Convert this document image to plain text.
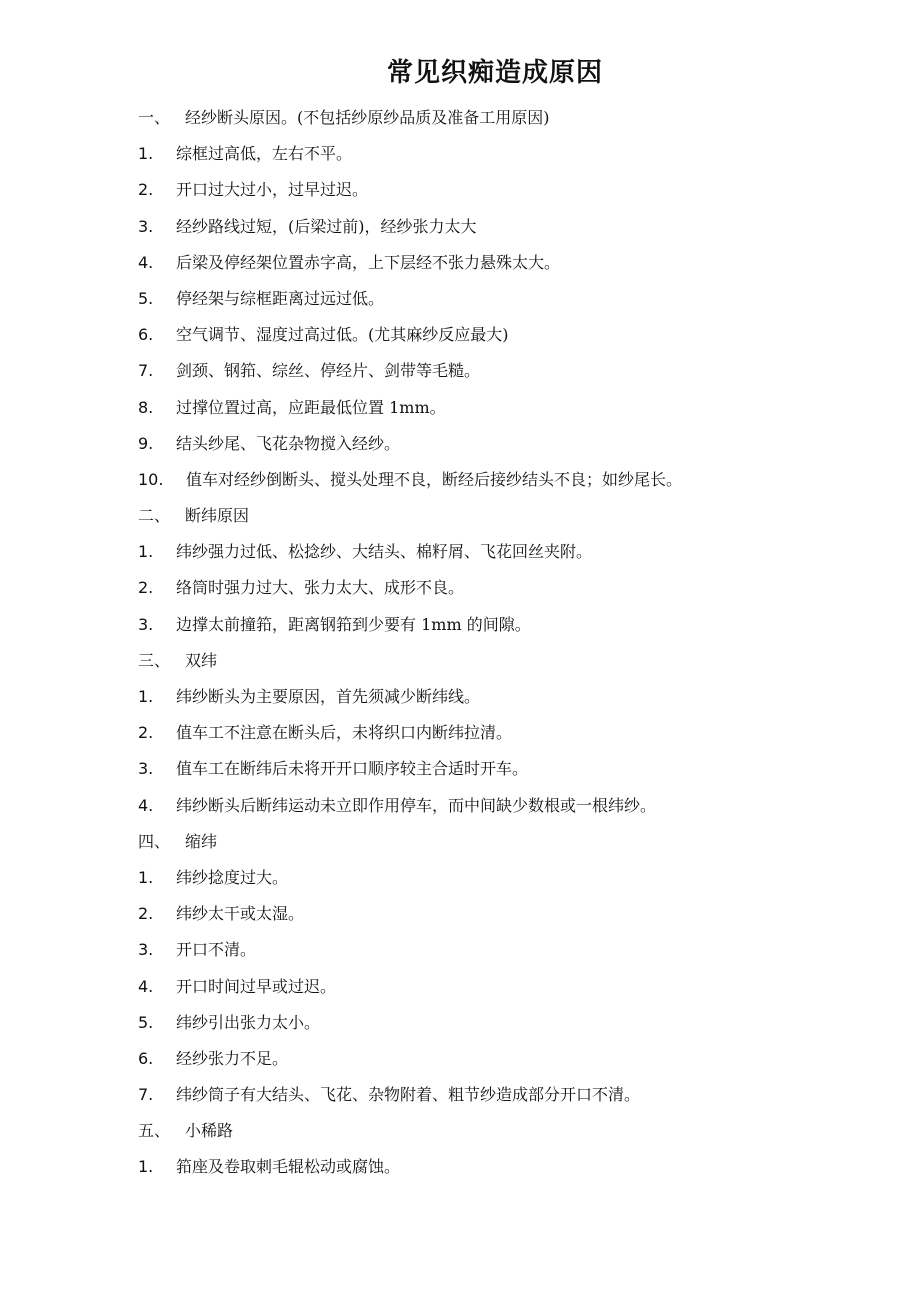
常见织痴造成原因
一、 经纱断头原因。(不包括纱原纱品质及准备工用原因)
1. 综框过高低，左右不平。
2. 开口过大过小，过早过迟。
3. 经纱路线过短，(后梁过前)，经纱张力太大
4. 后梁及停经架位置赤字高，上下层经不张力悬殊太大。
5. 停经架与综框距离过远过低。
6. 空气调节、湿度过高过低。(尤其麻纱反应最大)
7. 剑颈、钢筘、综丝、停经片、剑带等毛糙。
8. 过撑位置过高，应距最低位置 1mm。
9. 结头纱尾、飞花杂物搅入经纱。
10. 值车对经纱倒断头、搅头处理不良，断经后接纱结头不良；如纱尾长。
二、 断纬原因
1. 纬纱强力过低、松捻纱、大结头、棉籽屑、飞花回丝夹附。
2. 络筒时强力过大、张力太大、成形不良。
3. 边撑太前撞筘，距离钢筘到少要有 1mm 的间隙。
三、 双纬
1. 纬纱断头为主要原因，首先须减少断纬线。
2. 值车工不注意在断头后，未将织口内断纬拉清。
3. 值车工在断纬后未将开开口顺序较主合适时开车。
4. 纬纱断头后断纬运动未立即作用停车，而中间缺少数根或一根纬纱。
四、 缩纬
1. 纬纱捻度过大。
2. 纬纱太干或太湿。
3. 开口不清。
4. 开口时间过早或过迟。
5. 纬纱引出张力太小。
6. 经纱张力不足。
7. 纬纱筒子有大结头、飞花、杂物附着、粗节纱造成部分开口不清。
五、 小稀路
1. 筘座及卷取刺毛辊松动或腐蚀。
